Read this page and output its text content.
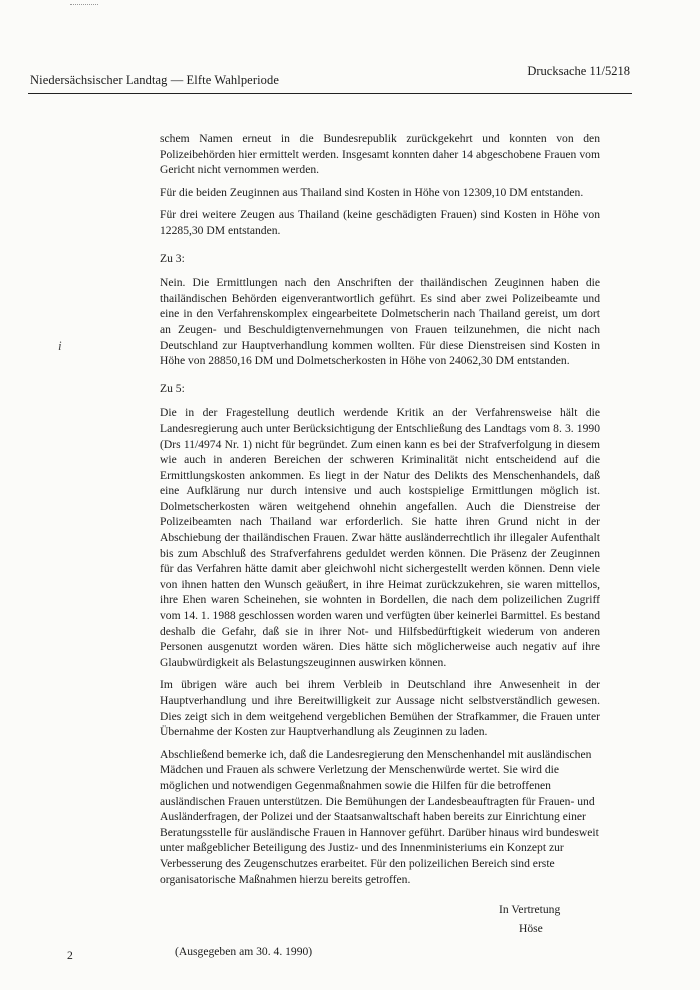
Niedersächsischer Landtag — Elfte Wahlperiode
Drucksache 11/5218
i

schem Namen erneut in die Bundesrepublik zurückgekehrt und konnten von den Polizeibehörden hier ermittelt werden. Insgesamt konnten daher 14 abgeschobene Frauen vom Gericht nicht vernommen werden.

Für die beiden Zeuginnen aus Thailand sind Kosten in Höhe von 12309,10 DM entstanden.

Für drei weitere Zeugen aus Thailand (keine geschädigten Frauen) sind Kosten in Höhe von 12285,30 DM entstanden.

Zu 3:

Nein. Die Ermittlungen nach den Anschriften der thailändischen Zeuginnen haben die thailändischen Behörden eigenverantwortlich geführt. Es sind aber zwei Polizeibeamte und eine in den Verfahrenskomplex eingearbeitete Dolmetscherin nach Thailand gereist, um dort an Zeugen- und Beschuldigtenvernehmungen von Frauen teilzunehmen, die nicht nach Deutschland zur Hauptverhandlung kommen wollten. Für diese Dienstreisen sind Kosten in Höhe von 28850,16 DM und Dolmetscherkosten in Höhe von 24062,30 DM entstanden.

Zu 5:

Die in der Fragestellung deutlich werdende Kritik an der Verfahrensweise hält die Landesregierung auch unter Berücksichtigung der Entschließung des Landtags vom 8. 3. 1990 (Drs 11/4974 Nr. 1) nicht für begründet. Zum einen kann es bei der Strafverfolgung in diesem wie auch in anderen Bereichen der schweren Kriminalität nicht entscheidend auf die Ermittlungskosten ankommen. Es liegt in der Natur des Delikts des Menschenhandels, daß eine Aufklärung nur durch intensive und auch kostspielige Ermittlungen möglich ist. Dolmetscherkosten wären weitgehend ohnehin angefallen. Auch die Dienstreise der Polizeibeamten nach Thailand war erforderlich. Sie hatte ihren Grund nicht in der Abschiebung der thailändischen Frauen. Zwar hätte ausländerrechtlich ihr illegaler Aufenthalt bis zum Abschluß des Strafverfahrens geduldet werden können. Die Präsenz der Zeuginnen für das Verfahren hätte damit aber gleichwohl nicht sichergestellt werden können. Denn viele von ihnen hatten den Wunsch geäußert, in ihre Heimat zurückzukehren, sie waren mittellos, ihre Ehen waren Scheinehen, sie wohnten in Bordellen, die nach dem polizeilichen Zugriff vom 14. 1. 1988 geschlossen worden waren und verfügten über keinerlei Barmittel. Es bestand deshalb die Gefahr, daß sie in ihrer Not- und Hilfsbedürftigkeit wiederum von anderen Personen ausgenutzt worden wären. Dies hätte sich möglicherweise auch negativ auf ihre Glaubwürdigkeit als Belastungszeuginnen auswirken können.

Im übrigen wäre auch bei ihrem Verbleib in Deutschland ihre Anwesenheit in der Hauptverhandlung und ihre Bereitwilligkeit zur Aussage nicht selbstverständlich gewesen. Dies zeigt sich in dem weitgehend vergeblichen Bemühen der Strafkammer, die Frauen unter Übernahme der Kosten zur Hauptverhandlung als Zeuginnen zu laden.

Abschließend bemerke ich, daß die Landesregierung den Menschenhandel mit ausländischen Mädchen und Frauen als schwere Verletzung der Menschenwürde wertet. Sie wird die möglichen und notwendigen Gegenmaßnahmen sowie die Hilfen für die betroffenen ausländischen Frauen unterstützen. Die Bemühungen der Landesbeauftragten für Frauen- und Ausländerfragen, der Polizei und der Staatsanwaltschaft haben bereits zur Einrichtung einer Beratungsstelle für ausländische Frauen in Hannover geführt. Darüber hinaus wird bundesweit unter maßgeblicher Beteiligung des Justiz- und des Innenministeriums ein Konzept zur Verbesserung des Zeugenschutzes erarbeitet. Für den polizeilichen Bereich sind erste organisatorische Maßnahmen hierzu bereits getroffen.

In Vertretung
Höse
2	(Ausgegeben am 30. 4. 1990)
